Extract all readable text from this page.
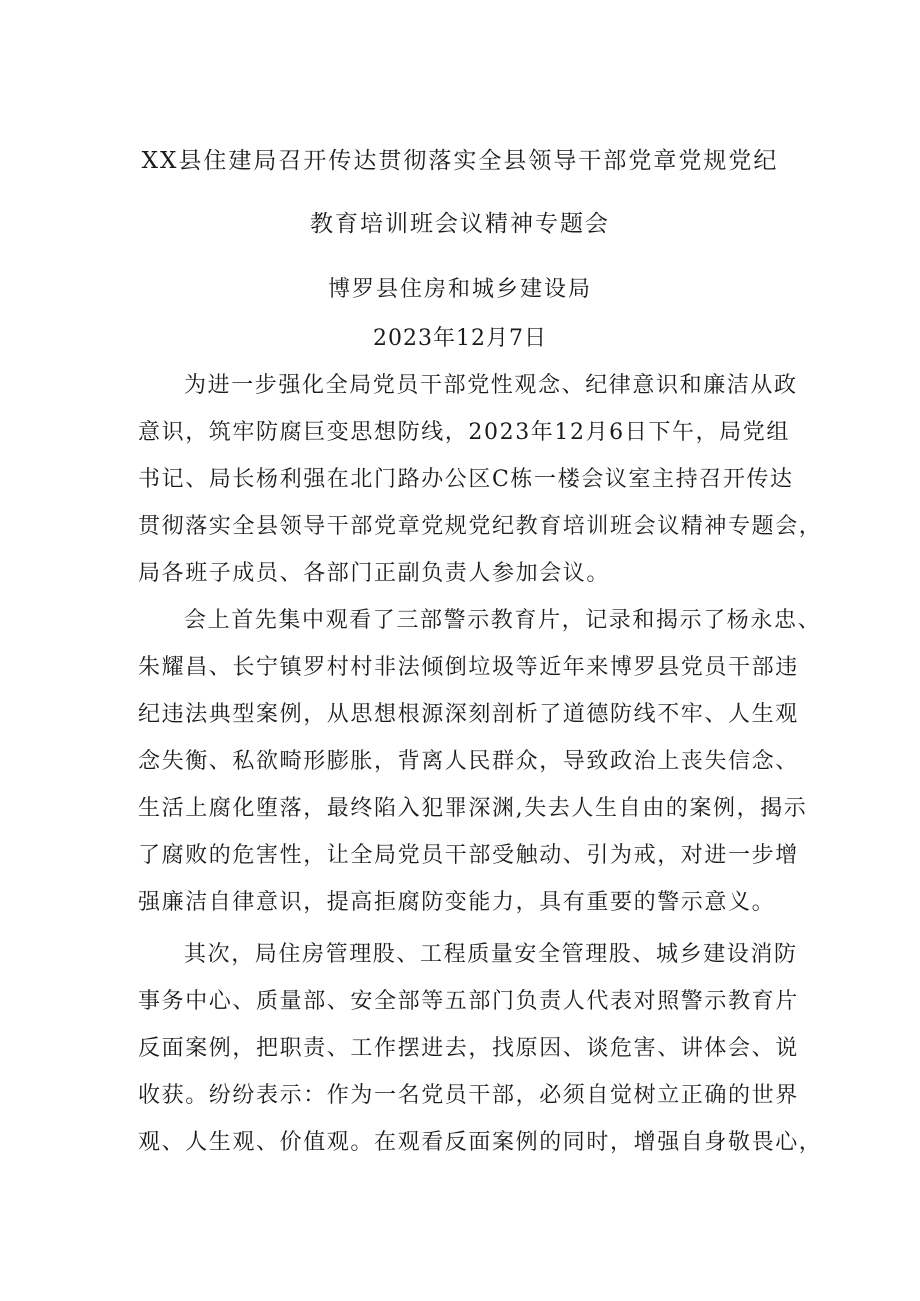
XX县住建局召开传达贯彻落实全县领导干部党章党规党纪
教育培训班会议精神专题会
博罗县住房和城乡建设局
2023年12月7日
为进一步强化全局党员干部党性观念、纪律意识和廉洁从政
意识，筑牢防腐巨变思想防线，2023年12月6日下午，局党组
书记、局长杨利强在北门路办公区C栋一楼会议室主持召开传达
贯彻落实全县领导干部党章党规党纪教育培训班会议精神专题会，
局各班子成员、各部门正副负责人参加会议。
会上首先集中观看了三部警示教育片，记录和揭示了杨永忠、
朱耀昌、长宁镇罗村村非法倾倒垃圾等近年来博罗县党员干部违
纪违法典型案例，从思想根源深刻剖析了道德防线不牢、人生观
念失衡、私欲畸形膨胀，背离人民群众，导致政治上丧失信念、
生活上腐化堕落，最终陷入犯罪深渊,失去人生自由的案例，揭示
了腐败的危害性，让全局党员干部受触动、引为戒，对进一步增
强廉洁自律意识，提高拒腐防变能力，具有重要的警示意义。
其次，局住房管理股、工程质量安全管理股、城乡建设消防
事务中心、质量部、安全部等五部门负责人代表对照警示教育片
反面案例，把职责、工作摆进去，找原因、谈危害、讲体会、说
收获。纷纷表示：作为一名党员干部，必须自觉树立正确的世界
观、人生观、价值观。在观看反面案例的同时，增强自身敬畏心，
